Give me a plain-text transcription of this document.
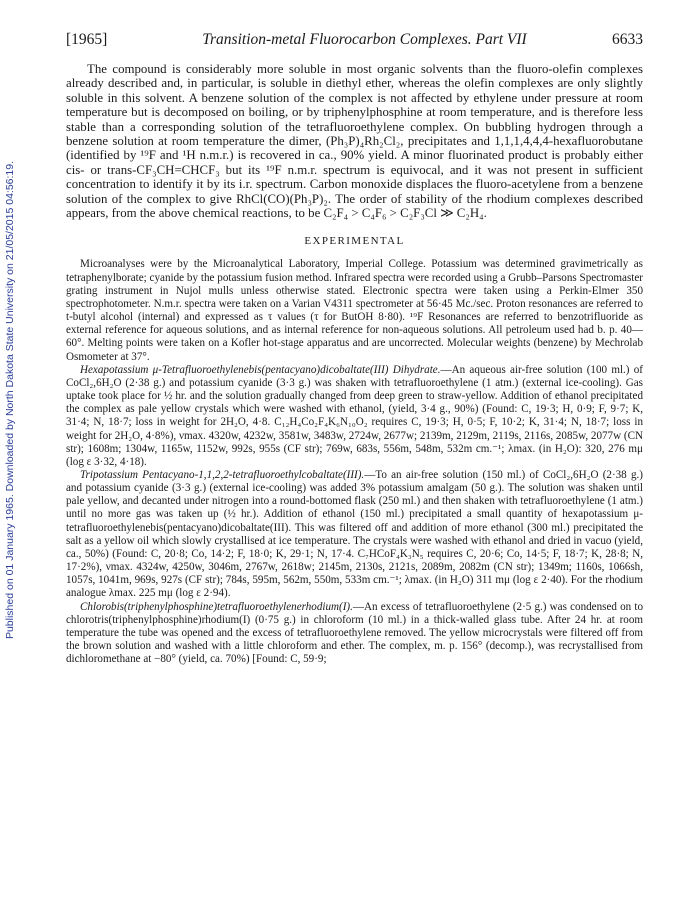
Published on 01 January 1965. Downloaded by North Dakota State University on 21/05/2015 04:56:19.
[1965]	Transition-metal Fluorocarbon Complexes. Part VII	6633

The compound is considerably more soluble in most organic solvents than the fluoro-olefin complexes already described and, in particular, is soluble in diethyl ether, whereas the olefin complexes are only slightly soluble in this solvent. A benzene solution of the complex is not affected by ethylene under pressure at room temperature but is decomposed on boiling, or by triphenylphosphine at room temperature, and is therefore less stable than a corresponding solution of the tetrafluoroethylene complex. On bubbling hydrogen through a benzene solution at room temperature the dimer, (Ph₃P)₄Rh₂Cl₂, precipitates and 1,1,1,4,4,4-hexafluorobutane (identified by ¹⁹F and ¹H n.m.r.) is recovered in ca., 90% yield. A minor fluorinated product is probably either cis- or trans-CF₃CH=CHCF₃ but its ¹⁹F n.m.r. spectrum is equivocal, and it was not present in sufficient concentration to identify it by its i.r. spectrum. Carbon monoxide displaces the fluoro-acetylene from a benzene solution of the complex to give RhCl(CO)(Ph₃P)₂. The order of stability of the rhodium complexes described appears, from the above chemical reactions, to be C₂F₄ > C₄F₆ > C₂F₃Cl ≫ C₂H₄.

EXPERIMENTAL

Microanalyses were by the Microanalytical Laboratory, Imperial College. Potassium was determined gravimetrically as tetraphenylborate; cyanide by the potassium fusion method. Infrared spectra were recorded using a Grubb–Parsons Spectromaster grating instrument in Nujol mulls unless otherwise stated. Electronic spectra were taken using a Perkin-Elmer 350 spectrophotometer. N.m.r. spectra were taken on a Varian V4311 spectrometer at 56·45 Mc./sec. Proton resonances are referred to t-butyl alcohol (internal) and expressed as τ values (τ for ButOH 8·80). ¹⁹F Resonances are referred to benzotrifluoride as external reference for aqueous solutions, and as internal reference for non-aqueous solutions. All petroleum used had b. p. 40—60°. Melting points were taken on a Kofler hot-stage apparatus and are uncorrected. Molecular weights (benzene) by Mechrolab Osmometer at 37°.

Hexapotassium μ-Tetrafluoroethylenebis(pentacyano)dicobaltate(III) Dihydrate.—An aqueous air-free solution (100 ml.) of CoCl₂,6H₂O (2·38 g.) and potassium cyanide (3·3 g.) was shaken with tetrafluoroethylene (1 atm.) (external ice-cooling). Gas uptake took place for ½ hr. and the solution gradually changed from deep green to straw-yellow. Addition of ethanol precipitated the complex as pale yellow crystals which were washed with ethanol, (yield, 3·4 g., 90%) (Found: C, 19·3; H, 0·9; F, 9·7; K, 31·4; N, 18·7; loss in weight for 2H₂O, 4·8. C₁₂H₄Co₂F₄K₆N₁₀O₂ requires C, 19·3; H, 0·5; F, 10·2; K, 31·4; N, 18·7; loss in weight for 2H₂O, 4·8%), νmax. 4320w, 4232w, 3581w, 3483w, 2724w, 2677w; 2139m, 2129m, 2119s, 2116s, 2085w, 2077w (CN str); 1608m; 1304w, 1165w, 1152w, 992s, 955s (CF str); 769w, 683s, 556m, 548m, 532m cm.⁻¹; λmax. (in H₂O): 320, 276 mμ (log ε 3·32, 4·18).

Tripotassium Pentacyano-1,1,2,2-tetrafluoroethylcobaltate(III).—To an air-free solution (150 ml.) of CoCl₂,6H₂O (2·38 g.) and potassium cyanide (3·3 g.) (external ice-cooling) was added 3% potassium amalgam (50 g.). The solution was shaken until pale yellow, and decanted under nitrogen into a round-bottomed flask (250 ml.) and then shaken with tetrafluoroethylene (1 atm.) until no more gas was taken up (½ hr.). Addition of ethanol (150 ml.) precipitated a small quantity of hexapotassium μ-tetrafluoroethylenebis(pentacyano)dicobaltate(III). This was filtered off and addition of more ethanol (300 ml.) precipitated the salt as a yellow oil which slowly crystallised at ice temperature. The crystals were washed with ethanol and dried in vacuo (yield, ca., 50%) (Found: C, 20·8; Co, 14·2; F, 18·0; K, 29·1; N, 17·4. C₇HCoF₄K₃N₅ requires C, 20·6; Co, 14·5; F, 18·7; K, 28·8; N, 17·2%), νmax. 4324w, 4250w, 3046m, 2767w, 2618w; 2145m, 2130s, 2121s, 2089m, 2082m (CN str); 1349m; 1160s, 1066sh, 1057s, 1041m, 969s, 927s (CF str); 784s, 595m, 562m, 550m, 533m cm.⁻¹; λmax. (in H₂O) 311 mμ (log ε 2·40). For the rhodium analogue λmax. 225 mμ (log ε 2·94).

Chlorobis(triphenylphosphine)tetrafluoroethylenerhodium(I).—An excess of tetrafluoroethylene (2·5 g.) was condensed on to chlorotris(triphenylphosphine)rhodium(I) (0·75 g.) in chloroform (10 ml.) in a thick-walled glass tube. After 24 hr. at room temperature the tube was opened and the excess of tetrafluoroethylene removed. The yellow microcrystals were filtered off from the brown solution and washed with a little chloroform and ether. The complex, m. p. 156° (decomp.), was recrystallised from dichloromethane at −80° (yield, ca. 70%) [Found: C, 59·9;
